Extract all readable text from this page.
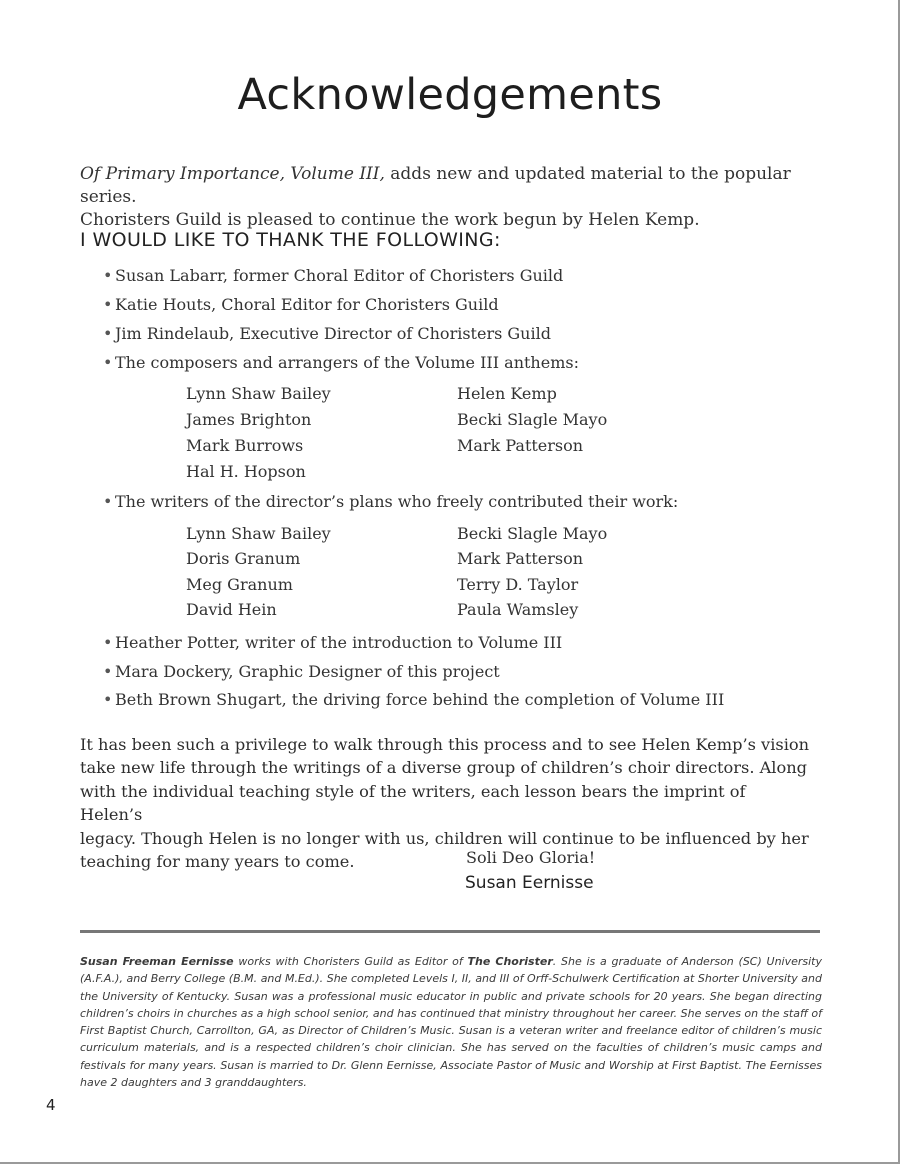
Acknowledgements
Of Primary Importance, Volume III, adds new and updated material to the popular series.
Choristers Guild is pleased to continue the work begun by Helen Kemp.
I WOULD LIKE TO THANK THE FOLLOWING:
• Susan Labarr, former Choral Editor of Choristers Guild
• Katie Houts, Choral Editor for Choristers Guild
• Jim Rindelaub, Executive Director of Choristers Guild
• The composers and arrangers of the Volume III anthems:
Lynn Shaw Bailey
James Brighton
Mark Burrows
Hal H. Hopson
Helen Kemp
Becki Slagle Mayo
Mark Patterson
• The writers of the director’s plans who freely contributed their work:
Lynn Shaw Bailey
Doris Granum
Meg Granum
David Hein
Becki Slagle Mayo
Mark Patterson
Terry D. Taylor
Paula Wamsley
• Heather Potter, writer of the introduction to Volume III
• Mara Dockery, Graphic Designer of this project
• Beth Brown Shugart, the driving force behind the completion of Volume III
It has been such a privilege to walk through this process and to see Helen Kemp’s vision
take new life through the writings of a diverse group of children’s choir directors. Along
with the individual teaching style of the writers, each lesson bears the imprint of Helen’s
legacy. Though Helen is no longer with us, children will continue to be influenced by her
teaching for many years to come.	Soli Deo Gloria!
Susan Eernisse
Susan Freeman Eernisse works with Choristers Guild as Editor of The Chorister. She is a graduate of Anderson (SC) University (A.F.A.), and Berry College (B.M. and M.Ed.). She completed Levels I, II, and III of Orff-Schulwerk Certification at Shorter University and the University of Kentucky. Susan was a professional music educator in public and private schools for 20 years. She began directing children’s choirs in churches as a high school senior, and has continued that ministry throughout her career. She serves on the staff of First Baptist Church, Carrollton, GA, as Director of Children’s Music. Susan is a veteran writer and freelance editor of children’s music curriculum materials, and is a respected children’s choir clinician. She has served on the faculties of children’s music camps and festivals for many years. Susan is married to Dr. Glenn Eernisse, Associate Pastor of Music and Worship at First Baptist. The Eernisses have 2 daughters and 3 granddaughters.
4
